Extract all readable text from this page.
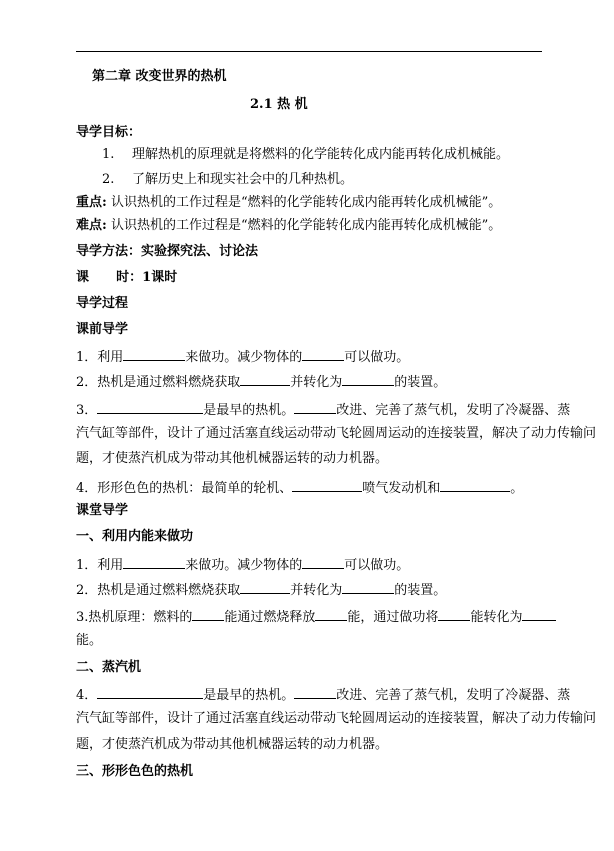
第二章 改变世界的热机
2.1 热 机
导学目标：
1. 理解热机的原理就是将燃料的化学能转化成内能再转化成机械能。
2. 了解历史上和现实社会中的几种热机。
重点: 认识热机的工作过程是“燃料的化学能转化成内能再转化成机械能”。
难点: 认识热机的工作过程是“燃料的化学能转化成内能再转化成机械能”。
导学方法：实验探究法、讨论法
课      时：1课时
导学过程
课前导学
1．利用	来做功。减少物体的	可以做功。
2．热机是通过燃料燃烧获取	并转化为	的装置。
3．	是最早的热机。	改进、完善了蒸气机，发明了冷凝器、蒸
汽气缸等部件，设计了通过活塞直线运动带动飞轮圆周运动的连接装置，解决了动力传输问
题，才使蒸汽机成为带动其他机械器运转的动力机器。
4．形形色色的热机：最简单的轮机、	喷气发动机和	。
课堂导学
一、利用内能来做功
1．利用	来做功。减少物体的	可以做功。
2．热机是通过燃料燃烧获取	并转化为	的装置。
3.热机原理：燃料的 能通过燃烧释放 能，通过做功将 能转化为
能。
二、蒸汽机
4．	是最早的热机。	改进、完善了蒸气机，发明了冷凝器、蒸
汽气缸等部件，设计了通过活塞直线运动带动飞轮圆周运动的连接装置，解决了动力传输问
题，才使蒸汽机成为带动其他机械器运转的动力机器。
三、形形色色的热机
